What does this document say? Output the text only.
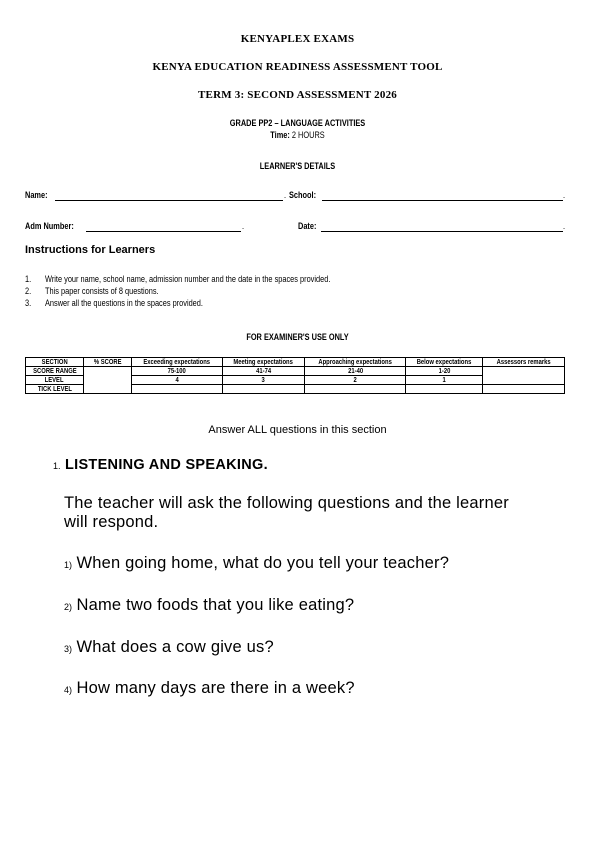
KENYAPLEX EXAMS
KENYA EDUCATION READINESS ASSESSMENT TOOL
TERM 3: SECOND ASSESSMENT 2026
GRADE PP2 – LANGUAGE ACTIVITIES
Time: 2 HOURS
LEARNER'S DETAILS
Name:	. School:	.
Adm Number:	.	Date:	.
Instructions for Learners
1. Write your name, school name, admission number and the date in the spaces provided.
2. This paper consists of 8 questions.
3. Answer all the questions in the spaces provided.
FOR EXAMINER'S USE ONLY
SECTION	% SCORE	Exceeding expectations	Meeting expectations	Approaching expectations	Below expectations	Assessors remarks
SCORE RANGE		75-100	41-74	21-40	1-20	
LEVEL		4	3	2	1	
TICK LEVEL						
Answer ALL questions in this section
1. LISTENING AND SPEAKING.
The teacher will ask the following questions and the learner
will respond.
1) When going home, what do you tell your teacher?
2) Name two foods that you like eating?
3) What does a cow give us?
4) How many days are there in a week?
